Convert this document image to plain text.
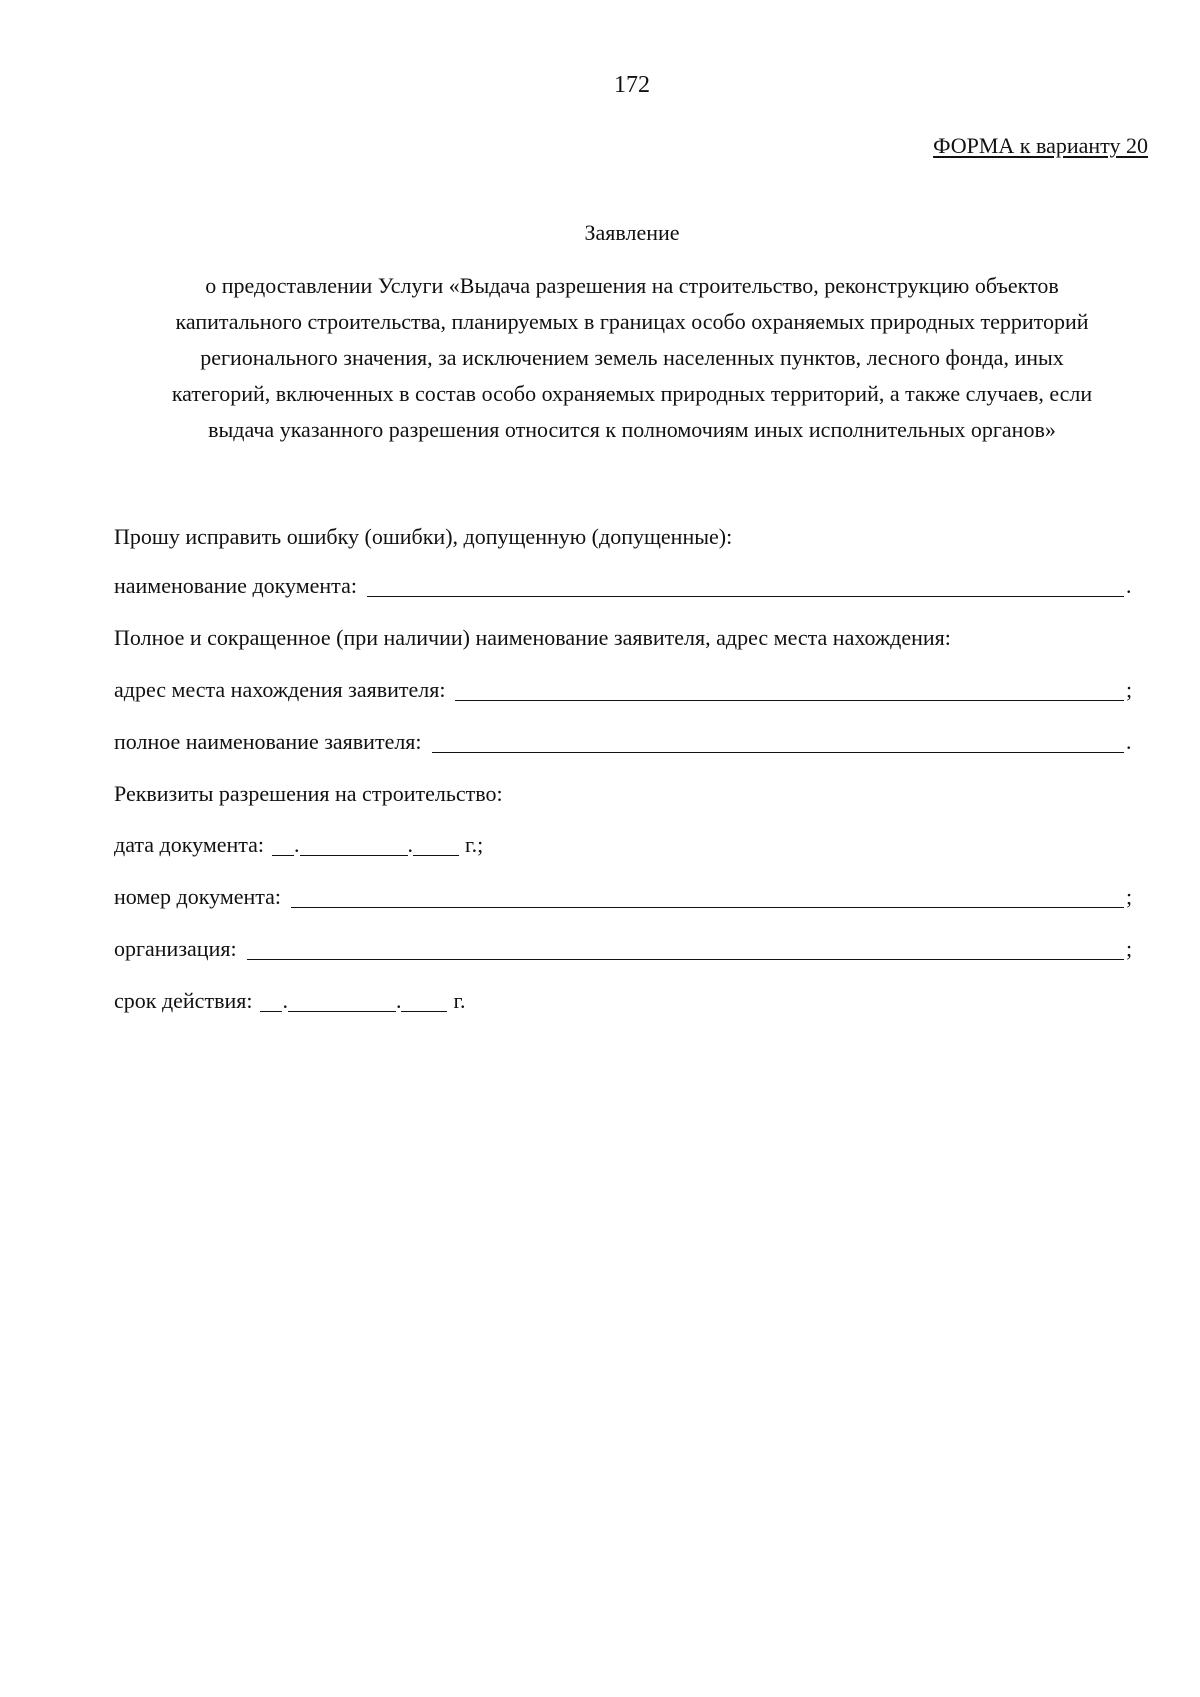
172
ФОРМА к варианту 20
Заявление
о предоставлении Услуги «Выдача разрешения на строительство, реконструкцию объектов
капитального строительства, планируемых в границах особо охраняемых природных территорий
регионального значения, за исключением земель населенных пунктов, лесного фонда, иных
категорий, включенных в состав особо охраняемых природных территорий, а также случаев, если
выдача указанного разрешения относится к полномочиям иных исполнительных органов»
Прошу исправить ошибку (ошибки), допущенную (допущенные):
наименование документа:	.
Полное и сокращенное (при наличии) наименование заявителя, адрес места нахождения:
адрес места нахождения заявителя:	;
полное наименование заявителя:	.
Реквизиты разрешения на строительство:
дата документа: .	. г.;
номер документа:	;
организация:	;
срок действия: .	. г.
